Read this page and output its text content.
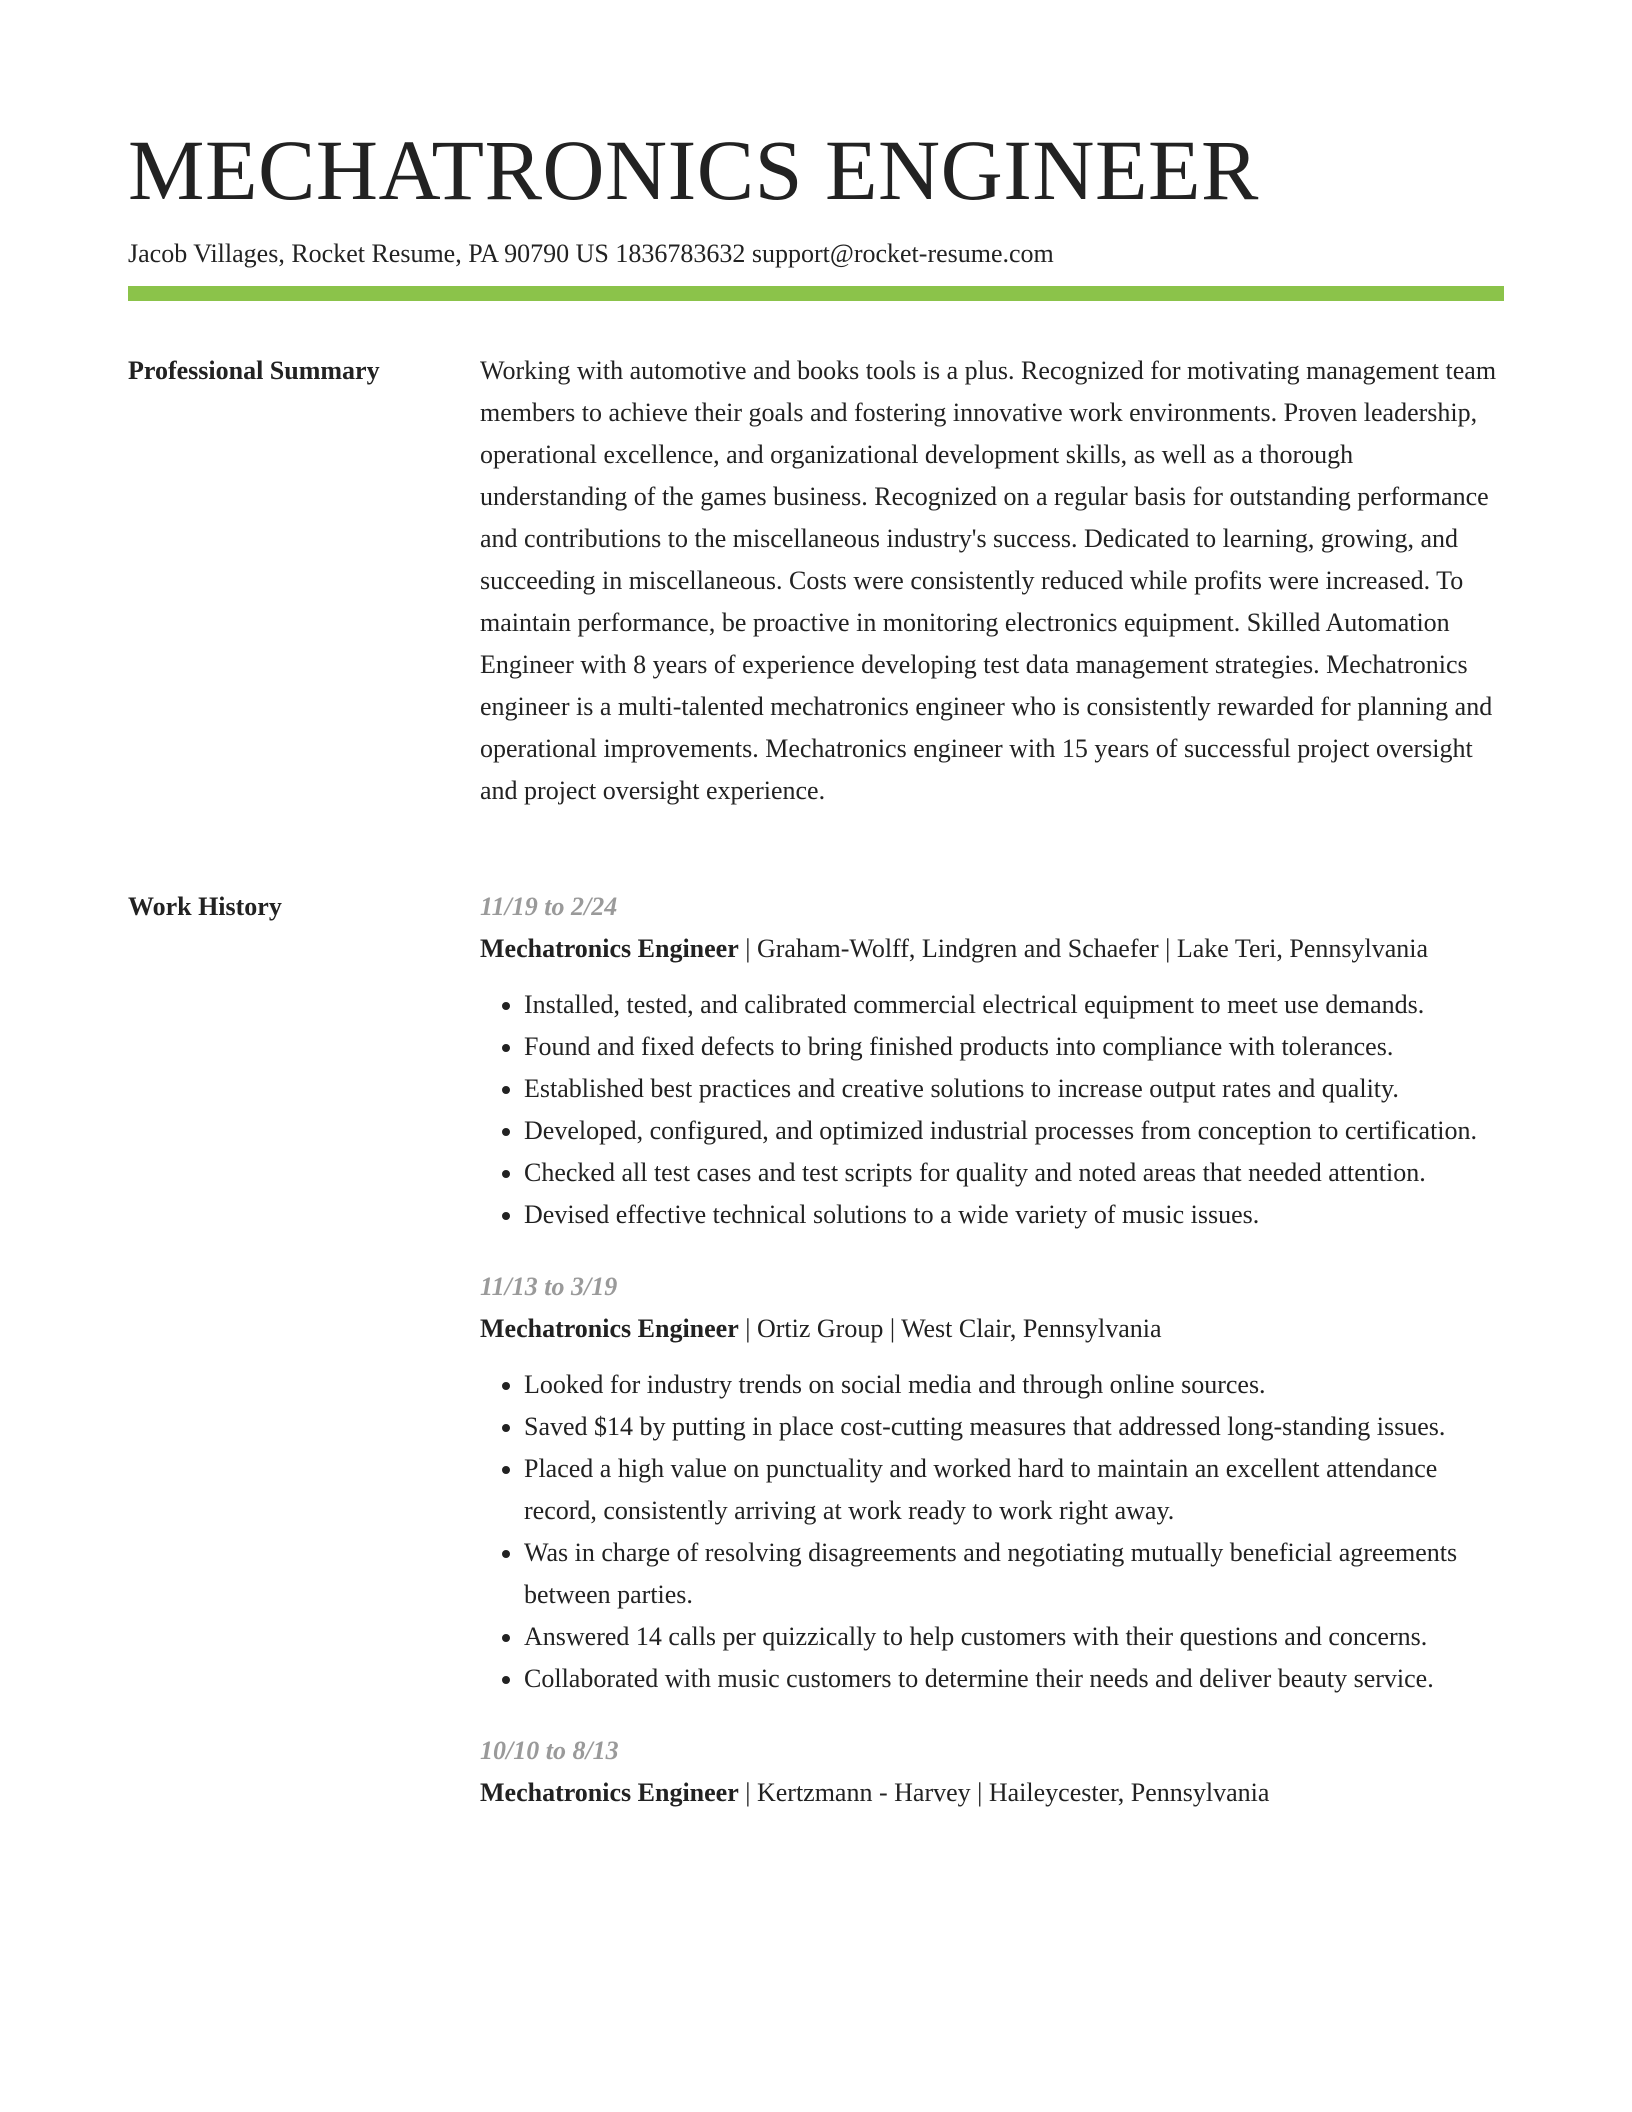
MECHATRONICS ENGINEER
Jacob Villages, Rocket Resume, PA 90790 US 1836783632 support@rocket-resume.com
Professional Summary	Working with automotive and books tools is a plus. Recognized for motivating management team members to achieve their goals and fostering innovative work environments. Proven leadership, operational excellence, and organizational development skills, as well as a thorough understanding of the games business. Recognized on a regular basis for outstanding performance and contributions to the miscellaneous industry's success. Dedicated to learning, growing, and succeeding in miscellaneous. Costs were consistently reduced while profits were increased. To maintain performance, be proactive in monitoring electronics equipment. Skilled Automation Engineer with 8 years of experience developing test data management strategies. Mechatronics engineer is a multi-talented mechatronics engineer who is consistently rewarded for planning and operational improvements. Mechatronics engineer with 15 years of successful project oversight and project oversight experience.
Work History	11/19 to 2/24
Mechatronics Engineer | Graham-Wolff, Lindgren and Schaefer | Lake Teri, Pennsylvania
• Installed, tested, and calibrated commercial electrical equipment to meet use demands.
• Found and fixed defects to bring finished products into compliance with tolerances.
• Established best practices and creative solutions to increase output rates and quality.
• Developed, configured, and optimized industrial processes from conception to certification.
• Checked all test cases and test scripts for quality and noted areas that needed attention.
• Devised effective technical solutions to a wide variety of music issues.
11/13 to 3/19
Mechatronics Engineer | Ortiz Group | West Clair, Pennsylvania
• Looked for industry trends on social media and through online sources.
• Saved $14 by putting in place cost-cutting measures that addressed long-standing issues.
• Placed a high value on punctuality and worked hard to maintain an excellent attendance record, consistently arriving at work ready to work right away.
• Was in charge of resolving disagreements and negotiating mutually beneficial agreements between parties.
• Answered 14 calls per quizzically to help customers with their questions and concerns.
• Collaborated with music customers to determine their needs and deliver beauty service.
10/10 to 8/13
Mechatronics Engineer | Kertzmann - Harvey | Haileycester, Pennsylvania
